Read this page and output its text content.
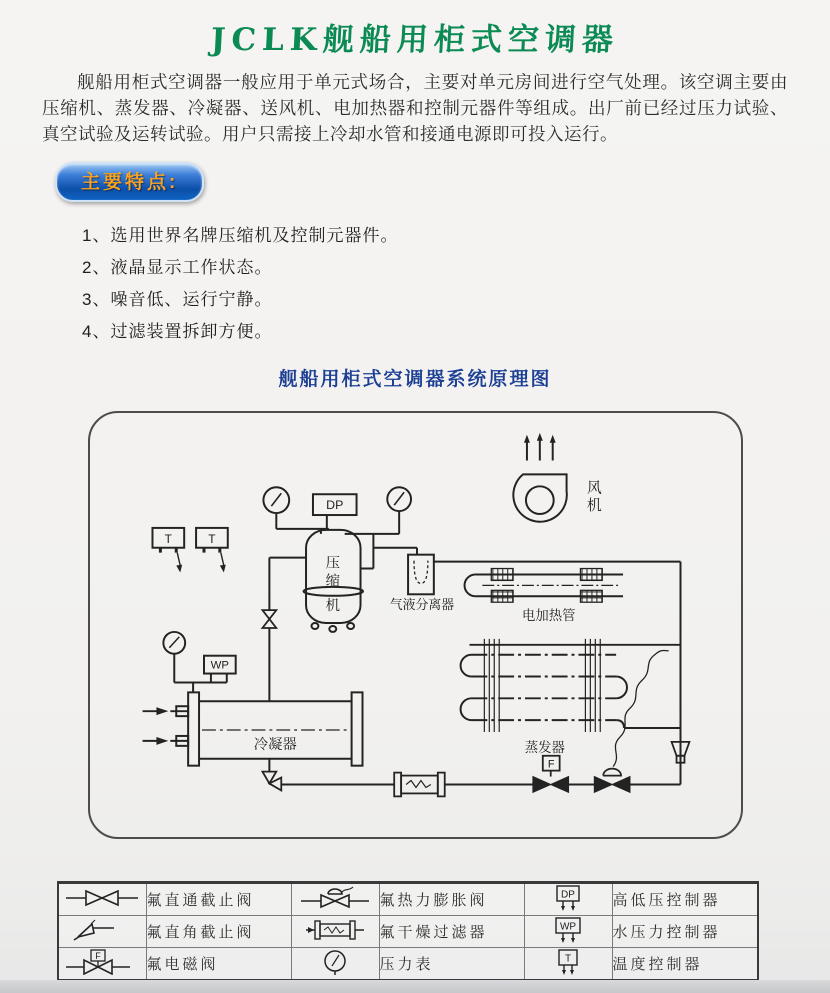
JCLK舰船用柜式空调器

舰船用柜式空调器一般应用于单元式场合，主要对单元房间进行空气处理。该空调主要由压缩机、蒸发器、冷凝器、送风机、电加热器和控制元器件等组成。出厂前已经过压力试验、真空试验及运转试验。用户只需接上冷却水管和接通电源即可投入运行。

主要特点:
1、选用世界名牌压缩机及控制元器件。
2、液晶显示工作状态。
3、噪音低、运行宁静。
4、过滤装置拆卸方便。
舰船用柜式空调器系统原理图
风
机
T	T
DP
压
缩
机	气液分离器
电加热管
蒸发器
冷凝器
WP
F
	氟直通截止阀		氟热力膨胀阀	DP	高低压控制器
	氟直角截止阀		氟干燥过滤器	WP	水压力控制器

F	氟电磁阀		压力表	T	温度控制器
